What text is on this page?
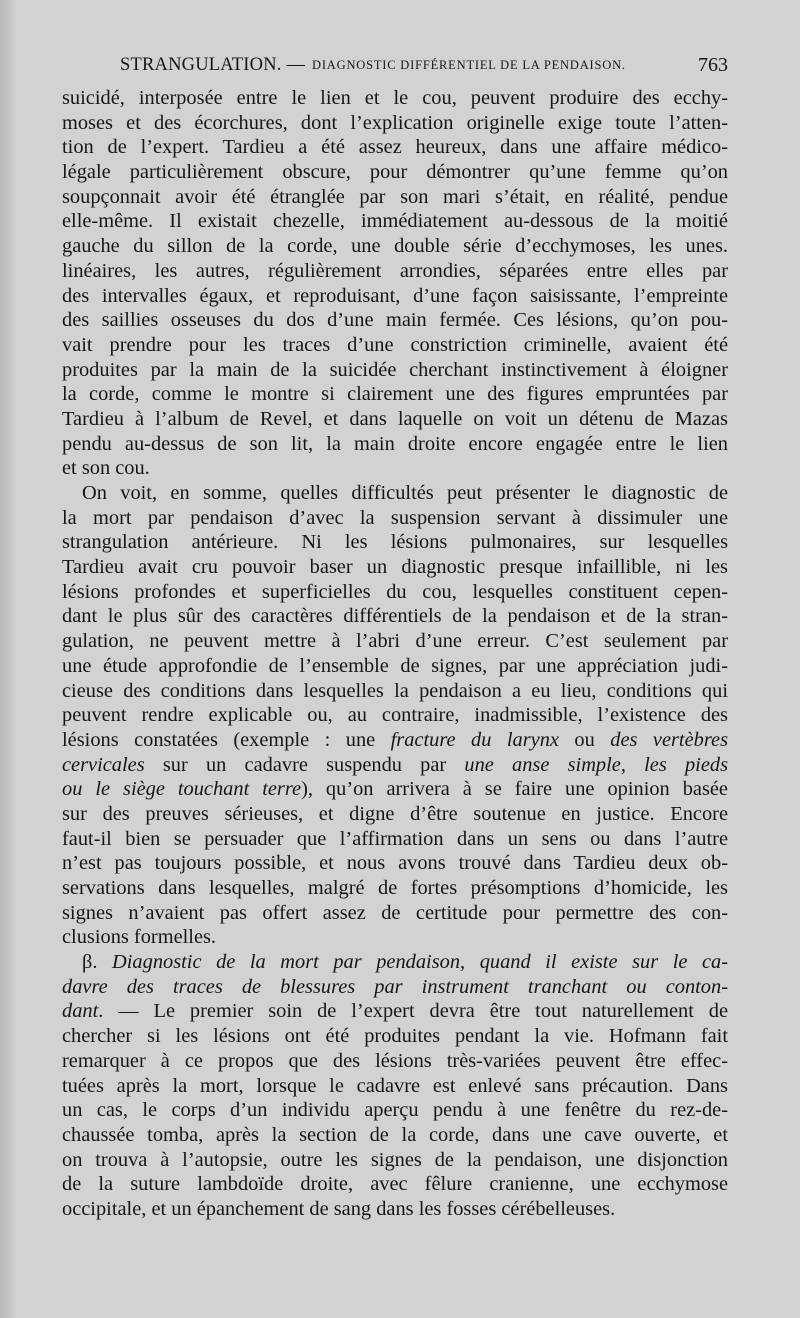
STRANGULATION. — DIAGNOSTIC DIFFÉRENTIEL DE LA PENDAISON.	763
suicidé, interposée entre le lien et le cou, peuvent produire des ecchy-
moses et des écorchures, dont l’explication originelle exige toute l’atten-
tion de l’expert. Tardieu a été assez heureux, dans une affaire médico-
légale particulièrement obscure, pour démontrer qu’une femme qu’on
soupçonnait avoir été étranglée par son mari s’était, en réalité, pendue
elle-même. Il existait chezelle, immédiatement au-dessous de la moitié
gauche du sillon de la corde, une double série d’ecchymoses, les unes.
linéaires, les autres, régulièrement arrondies, séparées entre elles par
des intervalles égaux, et reproduisant, d’une façon saisissante, l’empreinte
des saillies osseuses du dos d’une main fermée. Ces lésions, qu’on pou-
vait prendre pour les traces d’une constriction criminelle, avaient été
produites par la main de la suicidée cherchant instinctivement à éloigner
la corde, comme le montre si clairement une des figures empruntées par
Tardieu à l’album de Revel, et dans laquelle on voit un détenu de Mazas
pendu au-dessus de son lit, la main droite encore engagée entre le lien
et son cou.
On voit, en somme, quelles difficultés peut présenter le diagnostic de
la mort par pendaison d’avec la suspension servant à dissimuler une
strangulation antérieure. Ni les lésions pulmonaires, sur lesquelles
Tardieu avait cru pouvoir baser un diagnostic presque infaillible, ni les
lésions profondes et superficielles du cou, lesquelles constituent cepen-
dant le plus sûr des caractères différentiels de la pendaison et de la stran-
gulation, ne peuvent mettre à l’abri d’une erreur. C’est seulement par
une étude approfondie de l’ensemble de signes, par une appréciation judi-
cieuse des conditions dans lesquelles la pendaison a eu lieu, conditions qui
peuvent rendre explicable ou, au contraire, inadmissible, l’existence des
lésions constatées (exemple : une fracture du larynx ou des vertèbres
cervicales sur un cadavre suspendu par une anse simple, les pieds
ou le siège touchant terre), qu’on arrivera à se faire une opinion basée
sur des preuves sérieuses, et digne d’être soutenue en justice. Encore
faut-il bien se persuader que l’affirmation dans un sens ou dans l’autre
n’est pas toujours possible, et nous avons trouvé dans Tardieu deux ob-
servations dans lesquelles, malgré de fortes présomptions d’homicide, les
signes n’avaient pas offert assez de certitude pour permettre des con-
clusions formelles.
β. Diagnostic de la mort par pendaison, quand il existe sur le ca-
davre des traces de blessures par instrument tranchant ou conton-
dant. — Le premier soin de l’expert devra être tout naturellement de
chercher si les lésions ont été produites pendant la vie. Hofmann fait
remarquer à ce propos que des lésions très-variées peuvent être effec-
tuées après la mort, lorsque le cadavre est enlevé sans précaution. Dans
un cas, le corps d’un individu aperçu pendu à une fenêtre du rez-de-
chaussée tomba, après la section de la corde, dans une cave ouverte, et
on trouva à l’autopsie, outre les signes de la pendaison, une disjonction
de la suture lambdoïde droite, avec fêlure cranienne, une ecchymose
occipitale, et un épanchement de sang dans les fosses cérébelleuses.
